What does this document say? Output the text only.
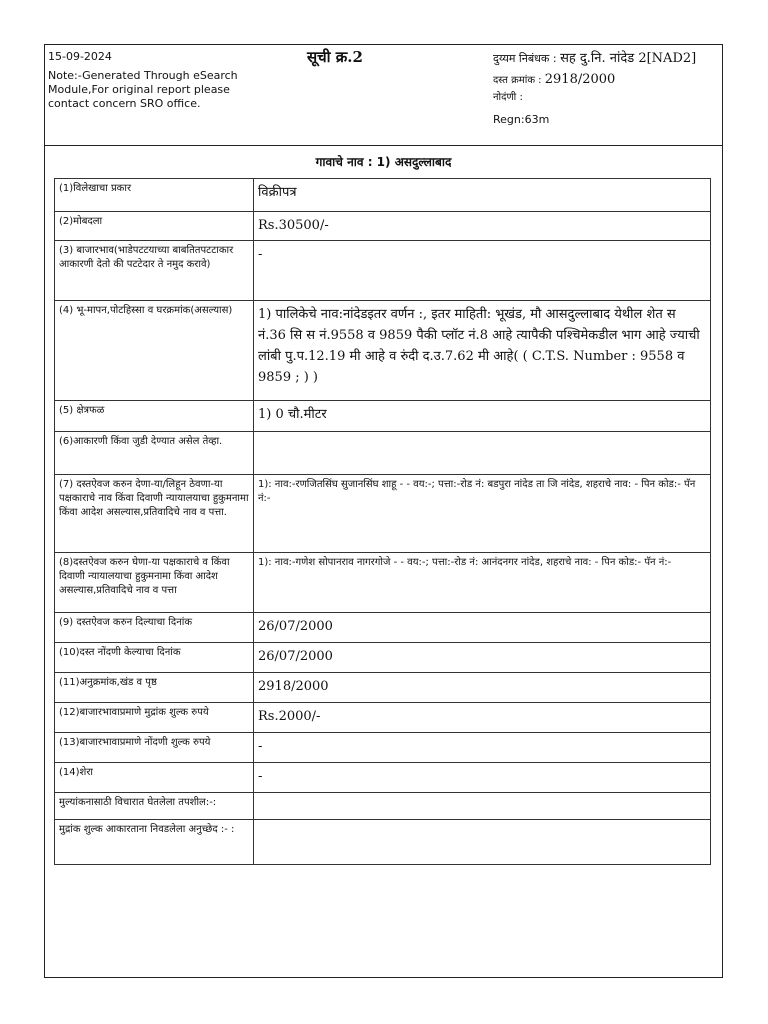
15-09-2024
Note:-Generated Through eSearch Module,For original report please contact concern SRO office.
सूची क्र.2	दुय्यम निबंधक : सह दु.नि. नांदेड 2[NAD2]
दस्त क्रमांक : 2918/2000
नोदंणी :
Regn:63m
गावाचे नाव : 1) असदुल्लाबाद
(1)विलेखाचा प्रकार	विक्रीपत्र
(2)मोबदला	Rs.30500/-
(3) बाजारभाव(भाडेपटटयाच्या बाबतितपटटाकार आकारणी देतो की पटटेदार ते नमुद करावे)	-
(4) भू-मापन,पोटहिस्सा व घरक्रमांक(असल्यास)	1) पालिकेचे नाव:नांदेडइतर वर्णन :, इतर माहिती: भूखंड, मौ आसदुल्लाबाद येथील शेत स नं.36 सि स नं.9558 व 9859 पैकी प्लॉट नं.8 आहे त्यापैकी पश्चिमेकडील भाग आहे ज्याची लांबी पु.प.12.19 मी आहे व रुंदी द.उ.7.62 मी आहे( ( C.T.S. Number : 9558 व 9859 ; ) )
(5) क्षेत्रफळ	1) 0 चौ.मीटर
(6)आकारणी किंवा जुडी देण्यात असेल तेव्हा.	
(7) दस्तऐवज करुन देणा-या/लिहून ठेवणा-या पक्षकाराचे नाव किंवा दिवाणी न्यायालयाचा हुकुमनामा किंवा आदेश असल्यास,प्रतिवादिचे नाव व पत्ता.	1): नाव:-रणजितसिंघ सुजानसिंघ शाहू - - वय:-; पत्ता:-रोड नं: बडपुरा नांदेड ता जि नांदेड, शहराचे नाव: - पिन कोड:- पॅन नं:-
(8)दस्तऐवज करुन घेणा-या पक्षकाराचे व किंवा दिवाणी न्यायालयाचा हुकुमनामा किंवा आदेश असल्यास,प्रतिवादिचे नाव व पत्ता	1): नाव:-गणेश सोपानराव नागरगोजे - - वय:-; पत्ता:-रोड नं: आनंदनगर नांदेड, शहराचे नाव: - पिन कोड:- पॅन नं:-
(9) दस्तऐवज करुन दिल्याचा दिनांक	26/07/2000
(10)दस्त नोंदणी केल्याचा दिनांक	26/07/2000
(11)अनुक्रमांक,खंड व पृष्ठ	2918/2000
(12)बाजारभावाप्रमाणे मुद्रांक शुल्क रुपये	Rs.2000/-
(13)बाजारभावाप्रमाणे नोंदणी शुल्क रुपये	-
(14)शेरा	-
मुल्यांकनासाठी विचारात घेतलेला तपशील:-:	
मुद्रांक शुल्क आकारताना निवडलेला अनुच्छेद :- :	
